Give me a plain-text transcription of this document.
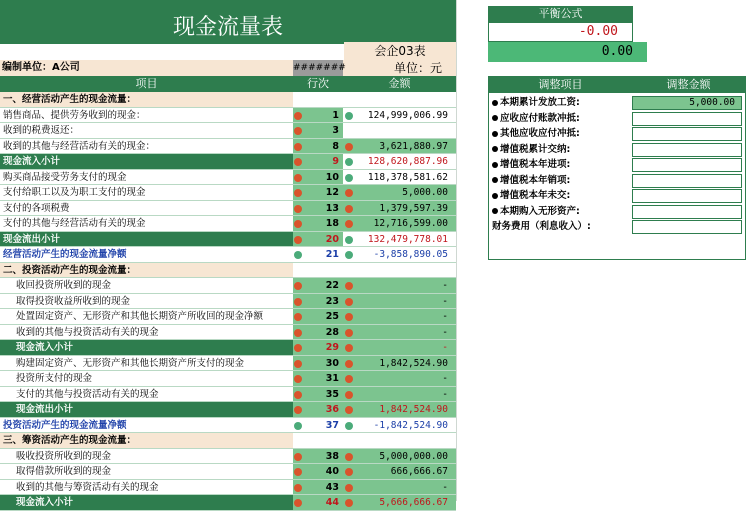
现金流量表
会企03表
编制单位：A公司	#######	单位：元
项目	行次	金额
一、经营活动产生的现金流量：
销售商品、提供劳务收到的现金：	1	124,999,006.99
收到的税费返还：	3
收到的其他与经营活动有关的现金：	8	3,621,880.97
现金流入小计	9	128,620,887.96
购买商品接受劳务支付的现金	10	118,378,581.62
支付给职工以及为职工支付的现金	12	5,000.00
支付的各项税费	13	1,379,597.39
支付的其他与经营活动有关的现金	18	12,716,599.00
现金流出小计	20	132,479,778.01
经营活动产生的现金流量净额	21	-3,858,890.05
二、投资活动产生的现金流量：
收回投资所收到的现金	22	-
取得投资收益所收到的现金	23	-
处置固定资产、无形资产和其他长期资产所收回的现金净额	25	-
收到的其他与投资活动有关的现金	28	-
现金流入小计	29	-
购建固定资产、无形资产和其他长期资产所支付的现金	30	1,842,524.90
投资所支付的现金	31	-
支付的其他与投资活动有关的现金	35	-
现金流出小计	36	1,842,524.90
投资活动产生的现金流量净额	37	-1,842,524.90
三、筹资活动产生的现金流量：
吸收投资所收到的现金	38	5,000,000.00
取得借款所收到的现金	40	666,666.67
收到的其他与筹资活动有关的现金	43	-
现金流入小计	44	5,666,666.67
平衡公式
-0.00
0.00
调整项目	调整金额
本期累计发放工资:	5,000.00
应收应付账款冲抵:
其他应收应付冲抵:
增值税累计交纳:
增值税本年进项:
增值税本年销项:
增值税本年未交:
本期购入无形资产:
财务费用（利息收入）:
